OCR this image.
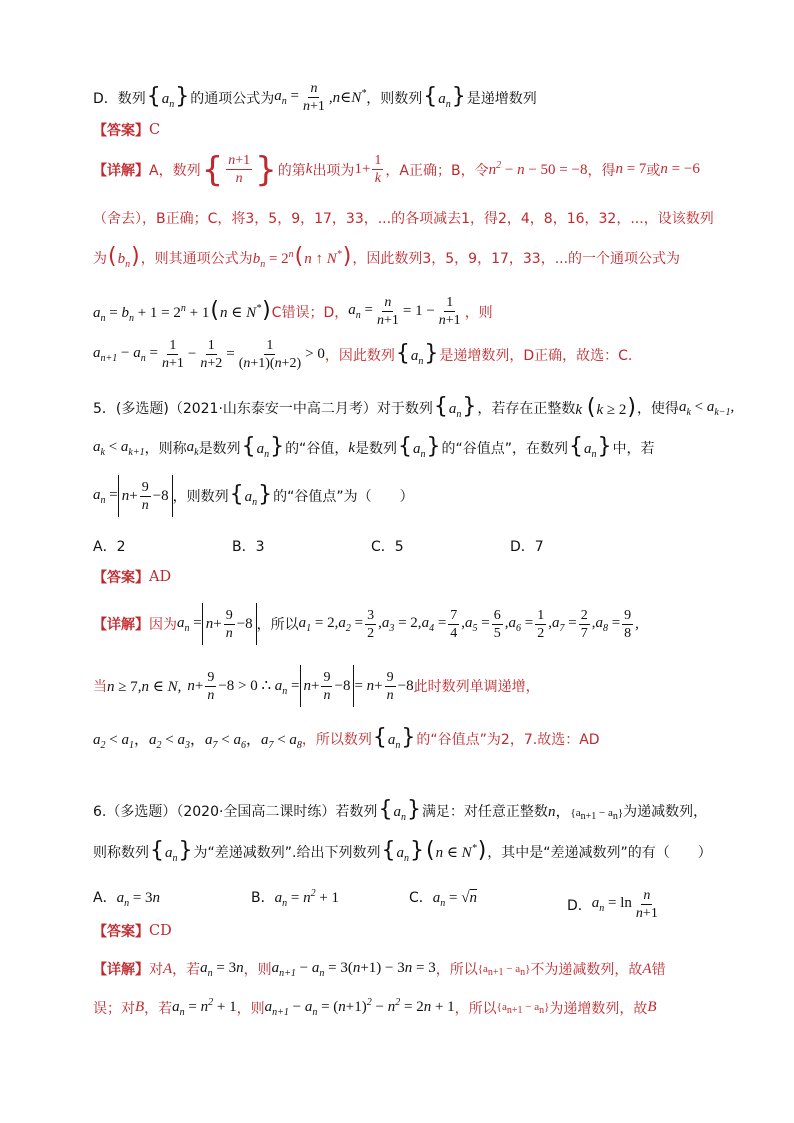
D．数列 $\{a_n\}$ 的通项公式为 $a_n = \frac{n}{n+1}$ ,n∈N* ，则数列 $\{a_n\}$ 是递增数列
【答案】 C
【详解】 A，数列 { $\frac{n+1}{n}$ } 的第 k 出项为 $1+ \frac{1}{k}$ ，A正确；B，令 $n^2 - n - 50 = -8$ ，得 n = 7 或 n = −6
（舍去），B正确；C，将3，5，9，17，33，...的各项减去1，得2，4，8，16，32，...，设该数列
为 $(b_n)$ ，则其通项公式为 $b_n = 2^n(n$ ↑ N*) ，因此数列3，5，9，17，33，...的一个通项公式为
$a_n = b_n + 1 = 2^n + 1(n$ ∈ N*) C错误；D， $a_n = \frac{n}{n+1} = 1 - \frac{1}{n+1}$ ，则
$a_{n+1} - a_n = \frac{1}{n+1} - \frac{1}{n+2} = \frac{1}{(n+1)(n+2)} > 0$ ，因此数列 $\{a_n\}$ 是递增数列，D正确，故选：C.
5．(多选题)（2021·山东泰安一中高二月考）对于数列 $\{a_n\}$ ，若存在正整数 k (k ≥ 2) ，使得 $a_k < a_{k-1}$,
$a_k < a_{k+1}$ ，则称 $a_k$ 是数列 $\{a_n\}$ 的“谷值， k 是数列 $\{a_n\}$ 的“谷值点”，在数列 $\{a_n\}$ 中，若
$a_n = n+ \frac{9}{n} -8$ ，则数列 $\{a_n\}$ 的“谷值点”为（　　）
A．2	B．3	C．5	D．7
【答案】 AD
【详解】 因为 $a_n = n+ \frac{9}{n} -8$ ，所以 $a_1 = 2,a_2 = \frac{3}{2} ,a_3 = 2,a_4 = \frac{7}{4} ,a_5 = \frac{6}{5} ,a_6 = \frac{1}{2} ,a_7 = \frac{2}{7} ,a_8 = \frac{9}{8}$ ,
当 n ≥ 7,n ∈ N, $n+ \frac{9}{n} -8 > 0$ ∴ $a_n = n+ \frac{9}{n} -8 = n+ \frac{9}{n} -8$ 此时数列单调递增，
$a_2 < a_1$，$a_2 < a_3$，$a_7 < a_6$，$a_7 < a_8$ ，所以数列 $\{a_n\}$ 的“谷值点”为2，7.故选：AD
6.（多选题）（2020·全国高二课时练）若数列 $\{a_n\}$ 满足：对任意正整数 n，$\{a_{n+1} - a_n\}$ 为递减数列，
则称数列 $\{a_n\}$ 为“差递减数列”.给出下列数列 $\{a_n\}(n$ ∈ N*) ，其中是“差递减数列”的有（　　）
A．$a_n = 3n$	B．$a_n = n^2 + 1$	C．$a_n = √n$	D． $a_n = \ln \frac{n}{n+1}$
【答案】 CD
【详解】 对 A ，若 $a_n = 3n$ ，则 $a_{n+1} - a_n = 3(n+1) - 3n = 3$ ，所以 $\{a_{n+1} - a_n\}$ 不为递减数列，故 A 错
误；对 B ，若 $a_n = n^2 + 1$ ，则 $a_{n+1} - a_n = (n+1)^2 - n^2 = 2n + 1$ ，所以 $\{a_{n+1} - a_n\}$ 为递增数列，故 B
